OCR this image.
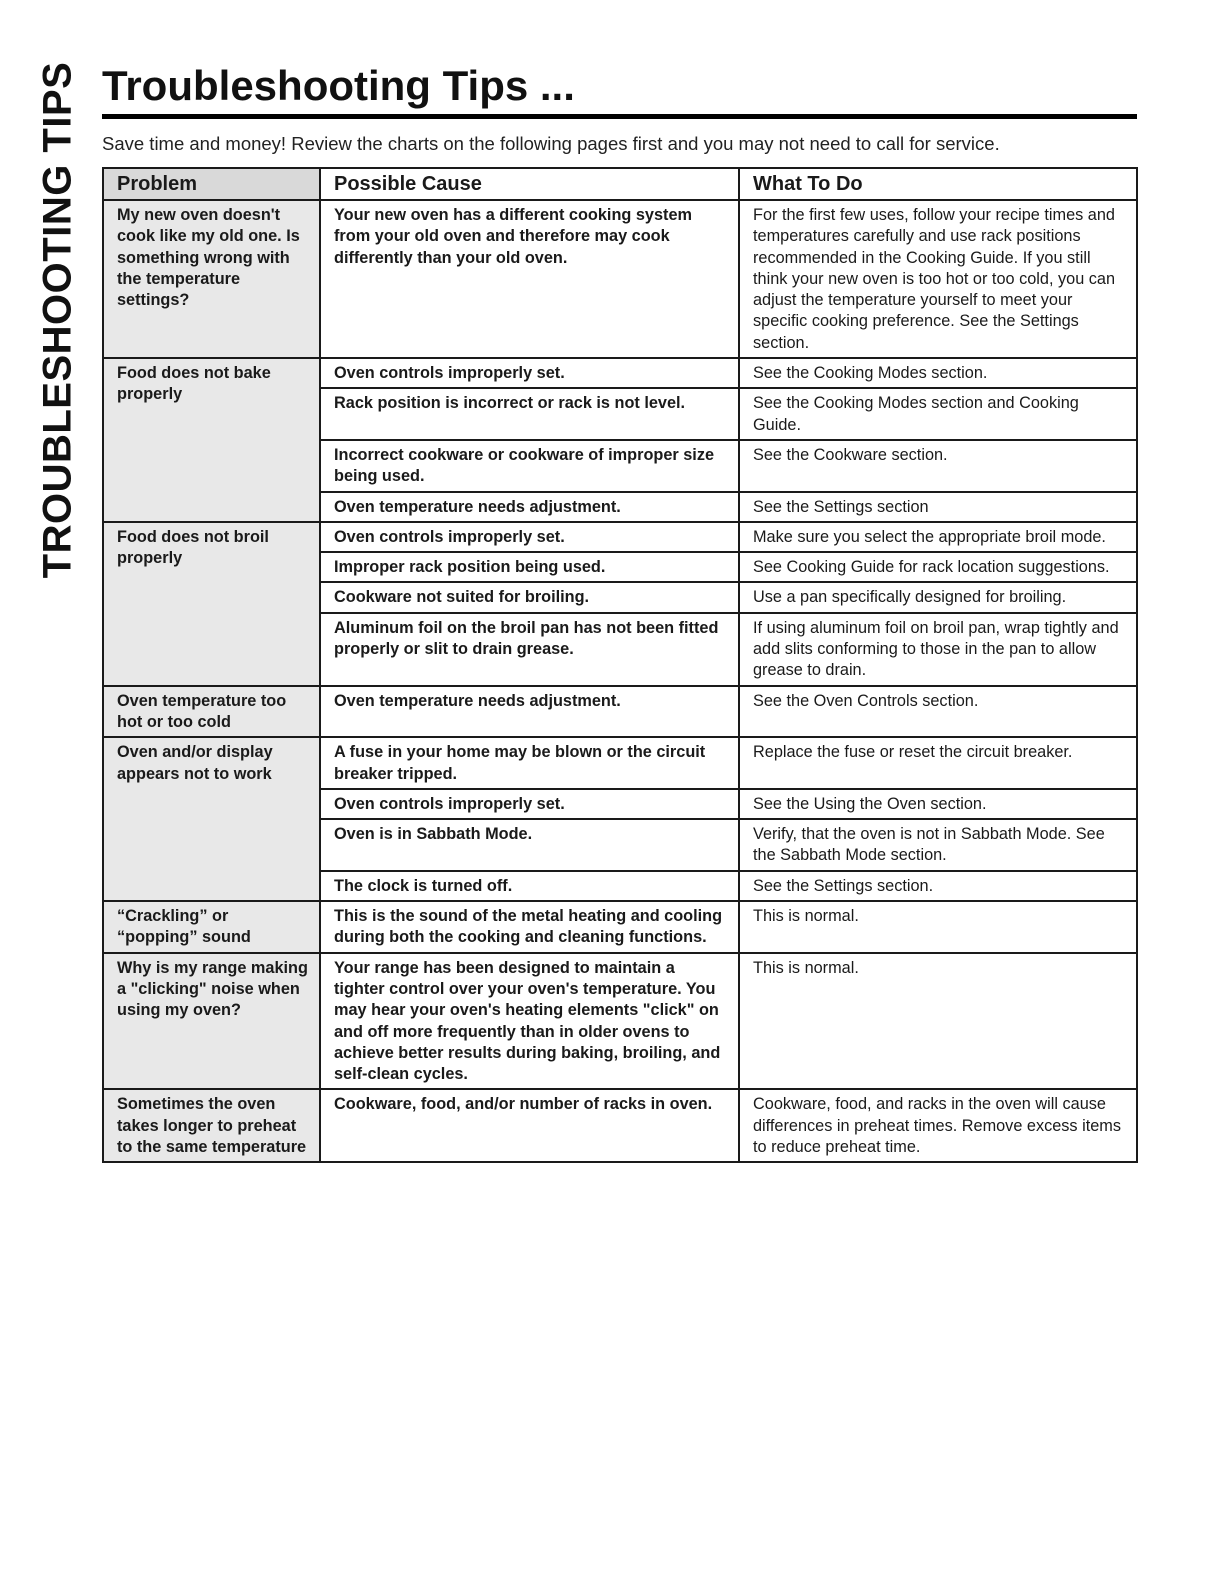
TROUBLESHOOTING TIPS Troubleshooting Tips ...

Save time and money! Review the charts on the following pages first and you may not need to call for service.

Problem	Possible Cause	What To Do
My new oven doesn't cook like my old one. Is something wrong with the temperature settings?	Your new oven has a different cooking system from your old oven and therefore may cook differently than your old oven.	For the first few uses, follow your recipe times and temperatures carefully and use rack positions recommended in the Cooking Guide. If you still think your new oven is too hot or too cold, you can adjust the temperature yourself to meet your specific cooking preference. See the Settings section.
Food does not bake properly	Oven controls improperly set.	See the Cooking Modes section.
	Rack position is incorrect or rack is not level.	See the Cooking Modes section and Cooking Guide.
	Incorrect cookware or cookware of improper size being used.	See the Cookware section.
	Oven temperature needs adjustment.	See the Settings section
Food does not broil properly	Oven controls improperly set.	Make sure you select the appropriate broil mode.
	Improper rack position being used.	See Cooking Guide for rack location suggestions.
	Cookware not suited for broiling.	Use a pan specifically designed for broiling.
	Aluminum foil on the broil pan has not been fitted properly or slit to drain grease.	If using aluminum foil on broil pan, wrap tightly and add slits conforming to those in the pan to allow grease to drain.
Oven temperature too hot or too cold	Oven temperature needs adjustment.	See the Oven Controls section.
Oven and/or display appears not to work	A fuse in your home may be blown or the circuit breaker tripped.	Replace the fuse or reset the circuit breaker.
	Oven controls improperly set.	See the Using the Oven section.
	Oven is in Sabbath Mode.	Verify, that the oven is not in Sabbath Mode. See the Sabbath Mode section.
	The clock is turned off.	See the Settings section.
“Crackling” or “popping” sound	This is the sound of the metal heating and cooling during both the cooking and cleaning functions.	This is normal.
Why is my range making a "clicking" noise when using my oven?	Your range has been designed to maintain a tighter control over your oven's temperature. You may hear your oven's heating elements "click" on and off more frequently than in older ovens to achieve better results during baking, broiling, and self-clean cycles.	This is normal.
Sometimes the oven takes longer to preheat to the same temperature	Cookware, food, and/or number of racks in oven.	Cookware, food, and racks in the oven will cause differences in preheat times. Remove excess items to reduce preheat time.
